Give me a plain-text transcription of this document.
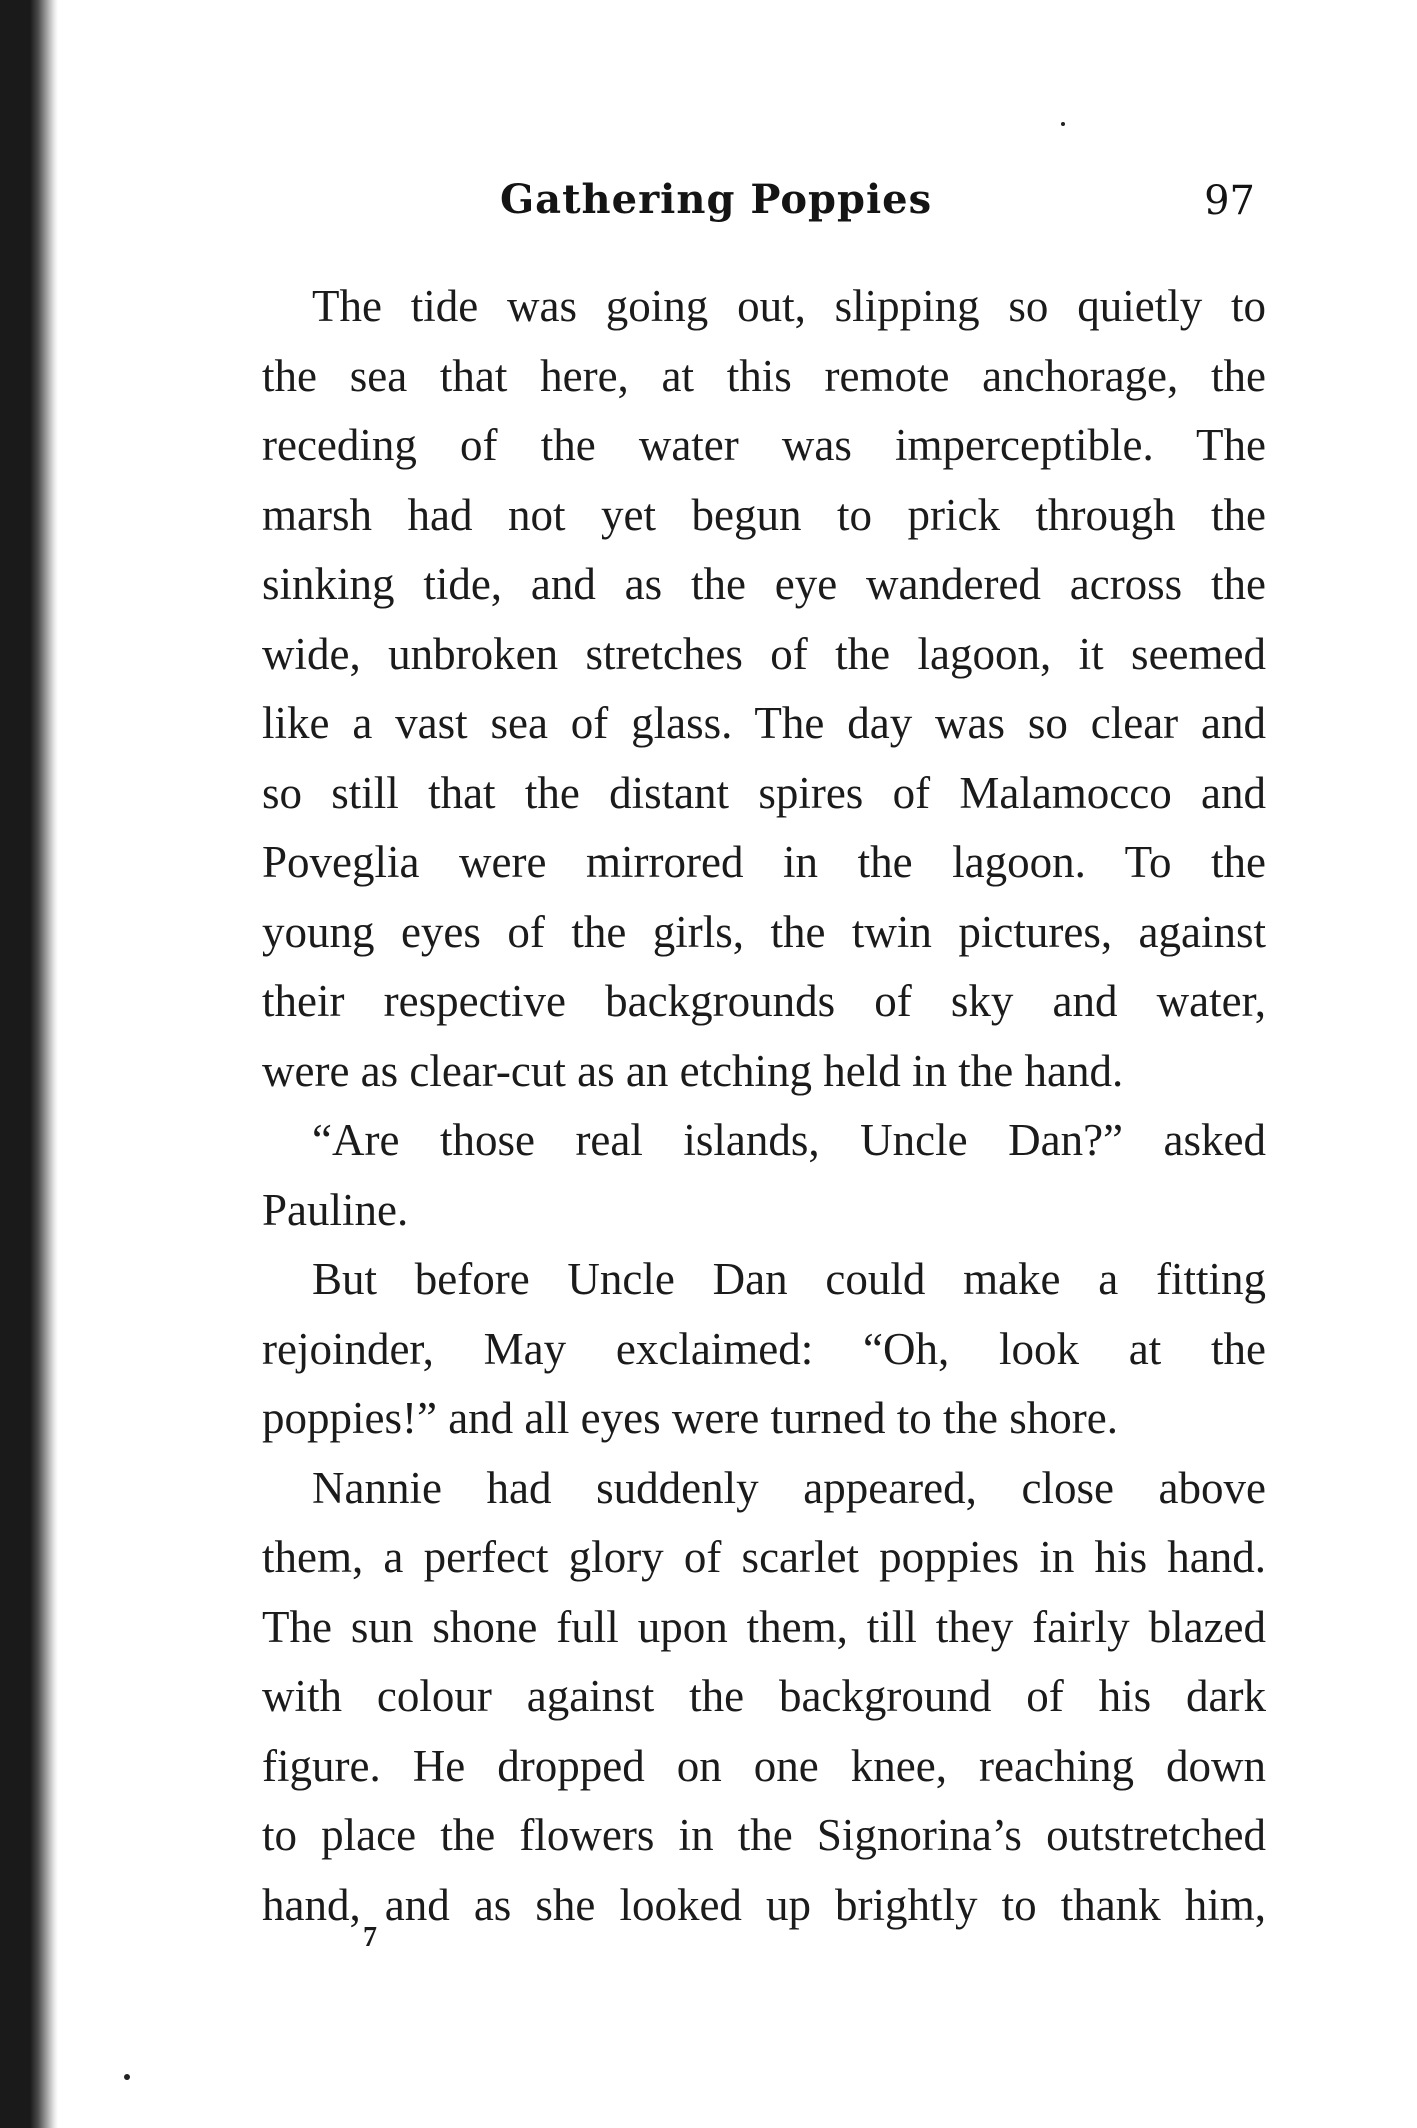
Gathering Poppies	97
The tide was going out, slipping so quietly to
the sea that here, at this remote anchorage, the
receding of the water was imperceptible. The
marsh had not yet begun to prick through the
sinking tide, and as the eye wandered across the
wide, unbroken stretches of the lagoon, it seemed
like a vast sea of glass. The day was so clear and
so still that the distant spires of Malamocco and
Poveglia were mirrored in the lagoon. To the
young eyes of the girls, the twin pictures, against
their respective backgrounds of sky and water,
were as clear-cut as an etching held in the hand.
“Are those real islands, Uncle Dan?” asked
Pauline.
But before Uncle Dan could make a fitting
rejoinder, May exclaimed: “Oh, look at the
poppies!” and all eyes were turned to the shore.
Nannie had suddenly appeared, close above
them, a perfect glory of scarlet poppies in his hand.
The sun shone full upon them, till they fairly blazed
with colour against the background of his dark
figure. He dropped on one knee, reaching down
to place the flowers in the Signorina’s outstretched
hand, and as she looked up brightly to thank him,
7
